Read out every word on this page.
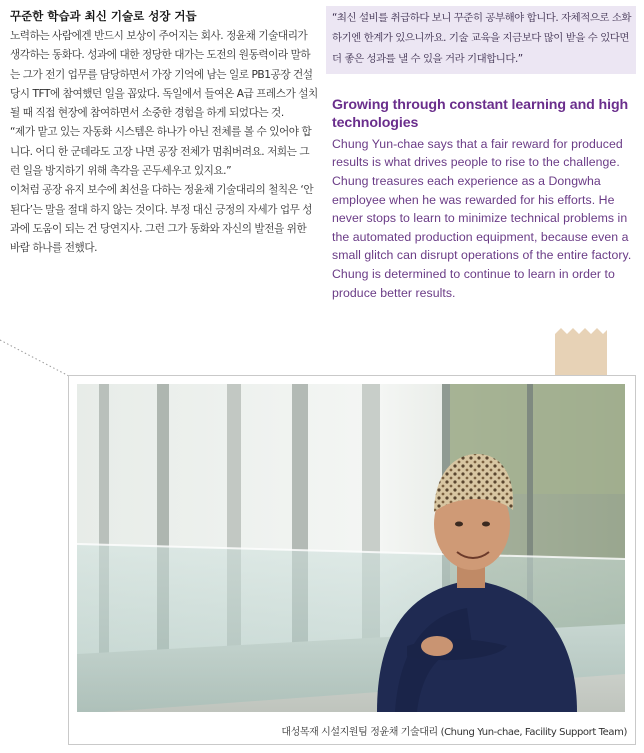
꾸준한 학습과 최신 기술로 성장 거듭

노력하는 사람에겐 반드시 보상이 주어지는 회사. 정윤채 기술대리가 생각하는 동화다. 성과에 대한 정당한 대가는 도전의 원동력이라 말하는 그가 전기 업무를 담당하면서 가장 기억에 남는 일로 PB1공장 건설 당시 TFT에 참여했던 일을 꼽았다. 독일에서 들여온 A급 프레스가 설치될 때 직접 현장에 참여하면서 소중한 경험을 하게 되었다는 것.

“제가 맡고 있는 자동화 시스템은 하나가 아닌 전체를 볼 수 있어야 합니다. 어디 한 군데라도 고장 나면 공장 전체가 멈춰버려요. 저희는 그런 일을 방지하기 위해 촉각을 곤두세우고 있지요.”

이처럼 공장 유지 보수에 최선을 다하는 정윤채 기술대리의 철칙은 ‘안 된다’는 말을 절대 하지 않는 것이다. 부정 대신 긍정의 자세가 업무 성과에 도움이 되는 건 당연지사. 그런 그가 동화와 자신의 발전을 위한 바람 하나를 전했다.

“최신 설비를 취급하다 보니 꾸준히 공부해야 합니다. 자체적으로 소화하기엔 한계가 있으니까요. 기술 교육을 지금보다 많이 받을 수 있다면 더 좋은 성과를 낼 수 있을 거라 기대합니다.”

Growing through constant learning and high technologies

Chung Yun-chae says that a fair reward for produced results is what drives people to rise to the challenge. Chung treasures each experience as a Dongwha employee when he was rewarded for his efforts. He never stops to learn to minimize technical problems in the automated production equipment, because even a small glitch can disrupt operations of the entire factory. Chung is determined to continue to learn in order to produce better results.

대성목재 시설지원팀 정윤채 기술대리 (Chung Yun-chae, Facility Support Team)
